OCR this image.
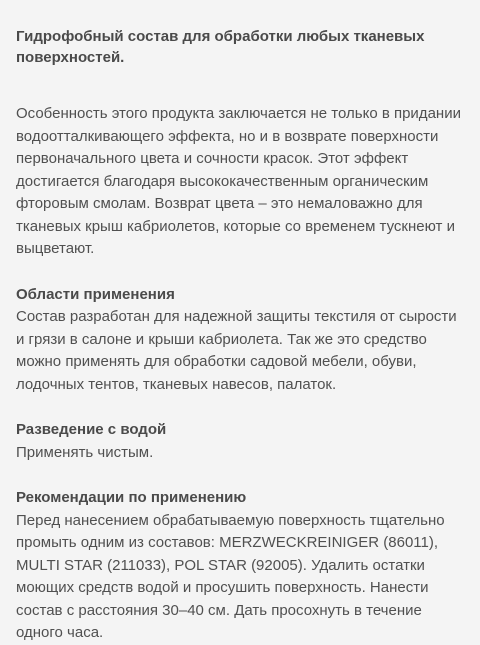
Гидрофобный состав для обработки любых тканевых поверхностей.

Особенность этого продукта заключается не только в придании водоотталкивающего эффекта, но и в возврате поверхности первоначального цвета и сочности красок. Этот эффект достигается благодаря высококачественным органическим фторовым смолам. Возврат цвета – это немаловажно для тканевых крыш кабриолетов, которые со временем тускнеют и выцветают.

Области применения

Состав разработан для надежной защиты текстиля от сырости и грязи в салоне и крыши кабриолета. Так же это средство можно применять для обработки садовой мебели, обуви, лодочных тентов, тканевых навесов, палаток.

Разведение с водой

Применять чистым.

Рекомендации по применению

Перед нанесением обрабатываемую поверхность тщательно промыть одним из составов: MERZWECKREINIGER (86011), MULTI STAR (211033), POL STAR (92005). Удалить остатки моющих средств водой и просушить поверхность. Нанести состав с расстояния 30–40 см. Дать просохнуть в течение одного часа.
